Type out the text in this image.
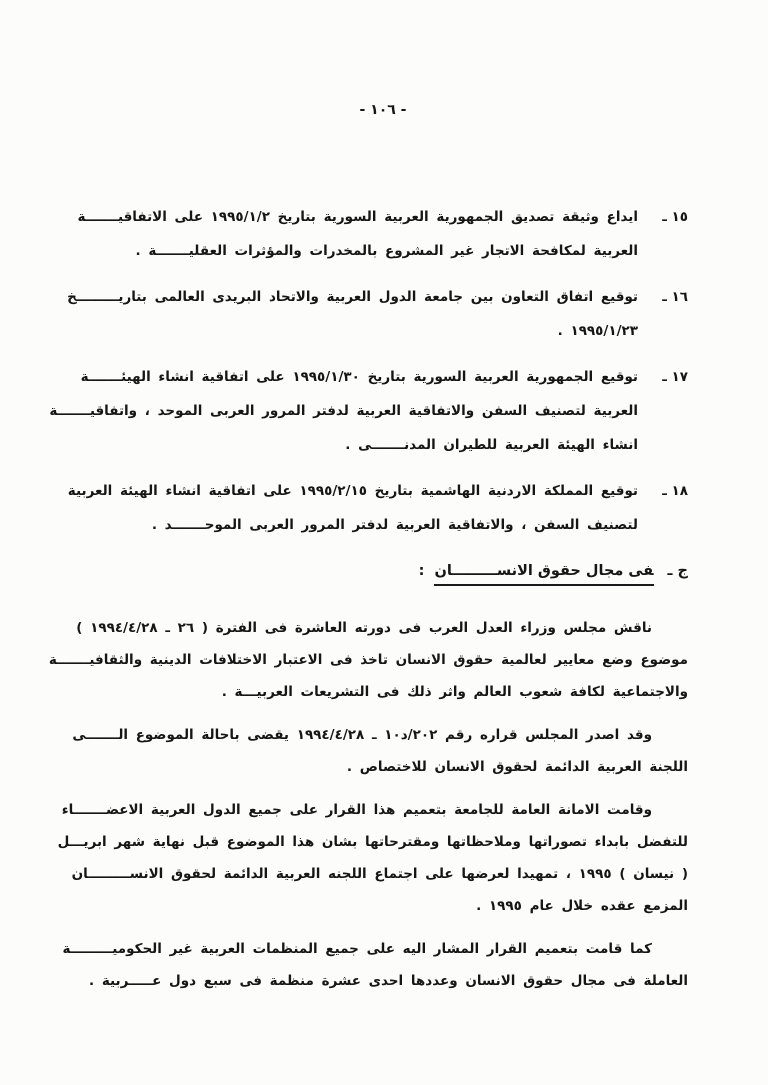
- ١٠٦ -
١٥ ـ
ايداع وثيقة تصديق الجمهورية العربية السورية بتاريخ ١٩٩٥/١/٢ على الاتفاقيـــــــة
العربية لمكافحة الاتجار غير المشروع بالمخدرات والمؤثرات العقليـــــــة .
١٦ ـ
توقيع اتفاق التعاون بين جامعة الدول العربية والاتحاد البريدى العالمى بتاريـــــــــخ
١٩٩٥/١/٢٣ .
١٧ ـ
توقيع الجمهورية العربية السورية بتاريخ ١٩٩٥/١/٣٠ على اتفاقية انشاء الهيئـــــــة
العربية لتصنيف السفن والاتفاقية العربية لدفتر المرور العربى الموحد ، واتفاقيـــــــة
انشاء الهيئة العربية للطيران المدنـــــــى .
١٨ ـ
توقيع المملكة الاردنية الهاشمية بتاريخ ١٩٩٥/٢/١٥ على اتفاقية انشاء الهيئة العربية
لتصنيف السفن ، والاتفاقية العربية لدفتر المرور العربى الموحـــــــد .
ج ـفى مجال حقوق الانســـــــــان:
ناقش مجلس وزراء العدل العرب فى دورته العاشرة فى الفترة ( ٢٦ ـ ١٩٩٤/٤/٢٨ )
موضوع وضع معايير لعالمية حقوق الانسان تاخذ فى الاعتبار الاختلافات الدينية والثقافيـــــــة
والاجتماعية لكافة شعوب العالم واثر ذلك فى التشريعات العربيـــة .
وقد اصدر المجلس قراره رقم ٢٠٢/د١٠ ـ ١٩٩٤/٤/٢٨ يقضى باحالة الموضوع الـــــــى
اللجنة العربية الدائمة لحقوق الانسان للاختصاص .
وقامت الامانة العامة للجامعة بتعميم هذا القرار على جميع الدول العربية الاعضـــــــاء
للتفضل بابداء تصوراتها وملاحظاتها ومقترحاتها بشان هذا الموضوع قبل نهاية شهر ابريـــل
( نيسان ) ١٩٩٥ ، تمهيدا لعرضها على اجتماع اللجنه العربية الدائمة لحقوق الانســـــــــان
المزمع عقده خلال عام ١٩٩٥ .
كما قامت بتعميم القرار المشار اليه على جميع المنظمات العربية غير الحكوميـــــــــة
العاملة فى مجال حقوق الانسان وعددها احدى عشرة منظمة فى سبع دول عـــــربية .
